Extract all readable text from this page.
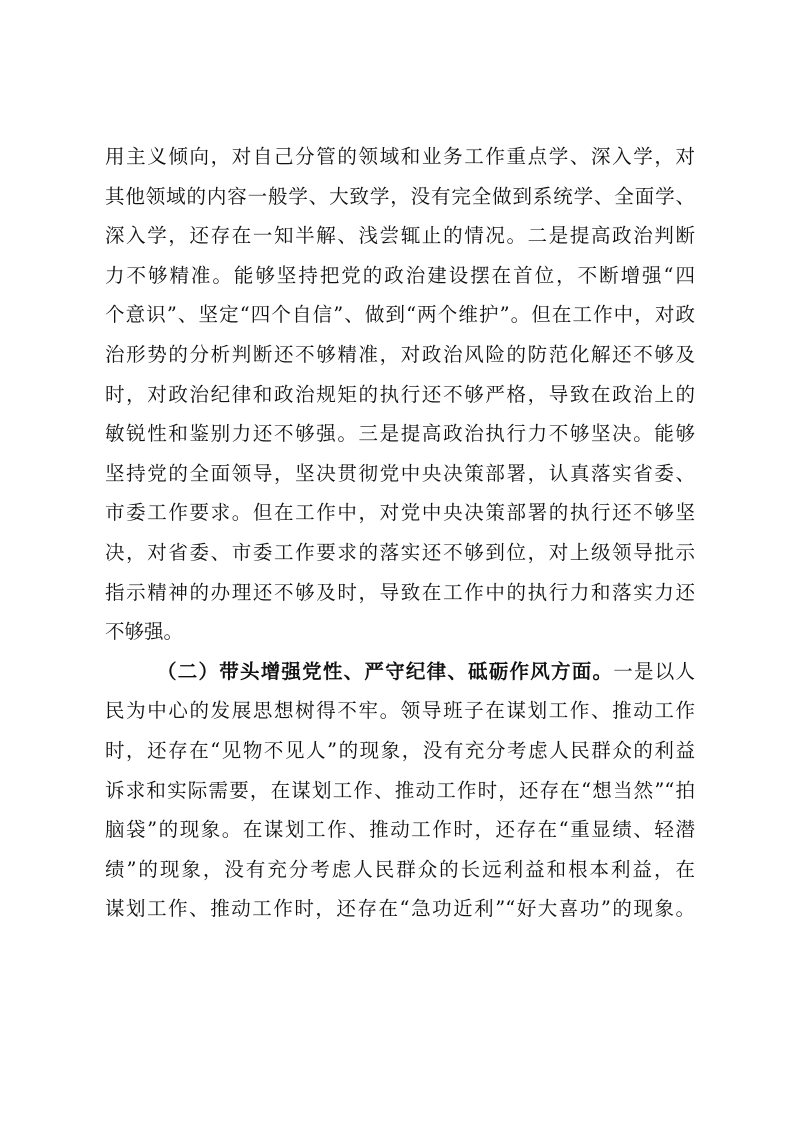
用主义倾向，对自己分管的领域和业务工作重点学、深入学，对
其他领域的内容一般学、大致学，没有完全做到系统学、全面学、
深入学，还存在一知半解、浅尝辄止的情况。二是提高政治判断
力不够精准。能够坚持把党的政治建设摆在首位，不断增强“四
个意识”、坚定“四个自信”、做到“两个维护”。但在工作中，对政
治形势的分析判断还不够精准，对政治风险的防范化解还不够及
时，对政治纪律和政治规矩的执行还不够严格，导致在政治上的
敏锐性和鉴别力还不够强。三是提高政治执行力不够坚决。能够
坚持党的全面领导，坚决贯彻党中央决策部署，认真落实省委、
市委工作要求。但在工作中，对党中央决策部署的执行还不够坚
决，对省委、市委工作要求的落实还不够到位，对上级领导批示
指示精神的办理还不够及时，导致在工作中的执行力和落实力还
不够强。
（二）带头增强党性、严守纪律、砥砺作风方面。一是以人
民为中心的发展思想树得不牢。领导班子在谋划工作、推动工作
时，还存在“见物不见人”的现象，没有充分考虑人民群众的利益
诉求和实际需要，在谋划工作、推动工作时，还存在“想当然”“拍
脑袋”的现象。在谋划工作、推动工作时，还存在“重显绩、轻潜
绩”的现象，没有充分考虑人民群众的长远利益和根本利益，在
谋划工作、推动工作时，还存在“急功近利”“好大喜功”的现象。
